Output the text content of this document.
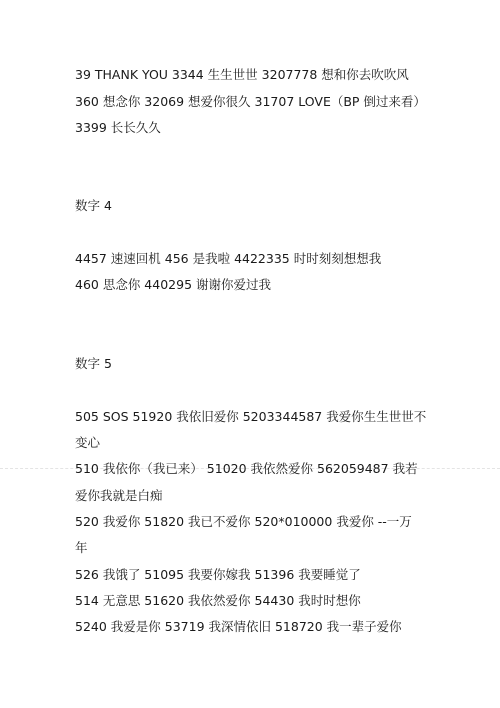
39 THANK YOU 3344 生生世世 3207778 想和你去吹吹风
360 想念你 32069 想爱你很久 31707 LOVE（BP 倒过来看）
3399 长长久久
数字 4
4457 速速回机 456 是我啦 4422335 时时刻刻想想我
460 思念你 440295 谢谢你爱过我
数字 5
505 SOS 51920 我依旧爱你 5203344587 我爱你生生世世不
变心
510 我依你（我已来） 51020 我依然爱你 562059487 我若
爱你我就是白痴
520 我爱你 51820 我已不爱你 520*010000 我爱你 --一万
年
526 我饿了 51095 我要你嫁我 51396 我要睡觉了
514 无意思 51620 我依然爱你 54430 我时时想你
5240 我爱是你 53719 我深情依旧 518720 我一辈子爱你
